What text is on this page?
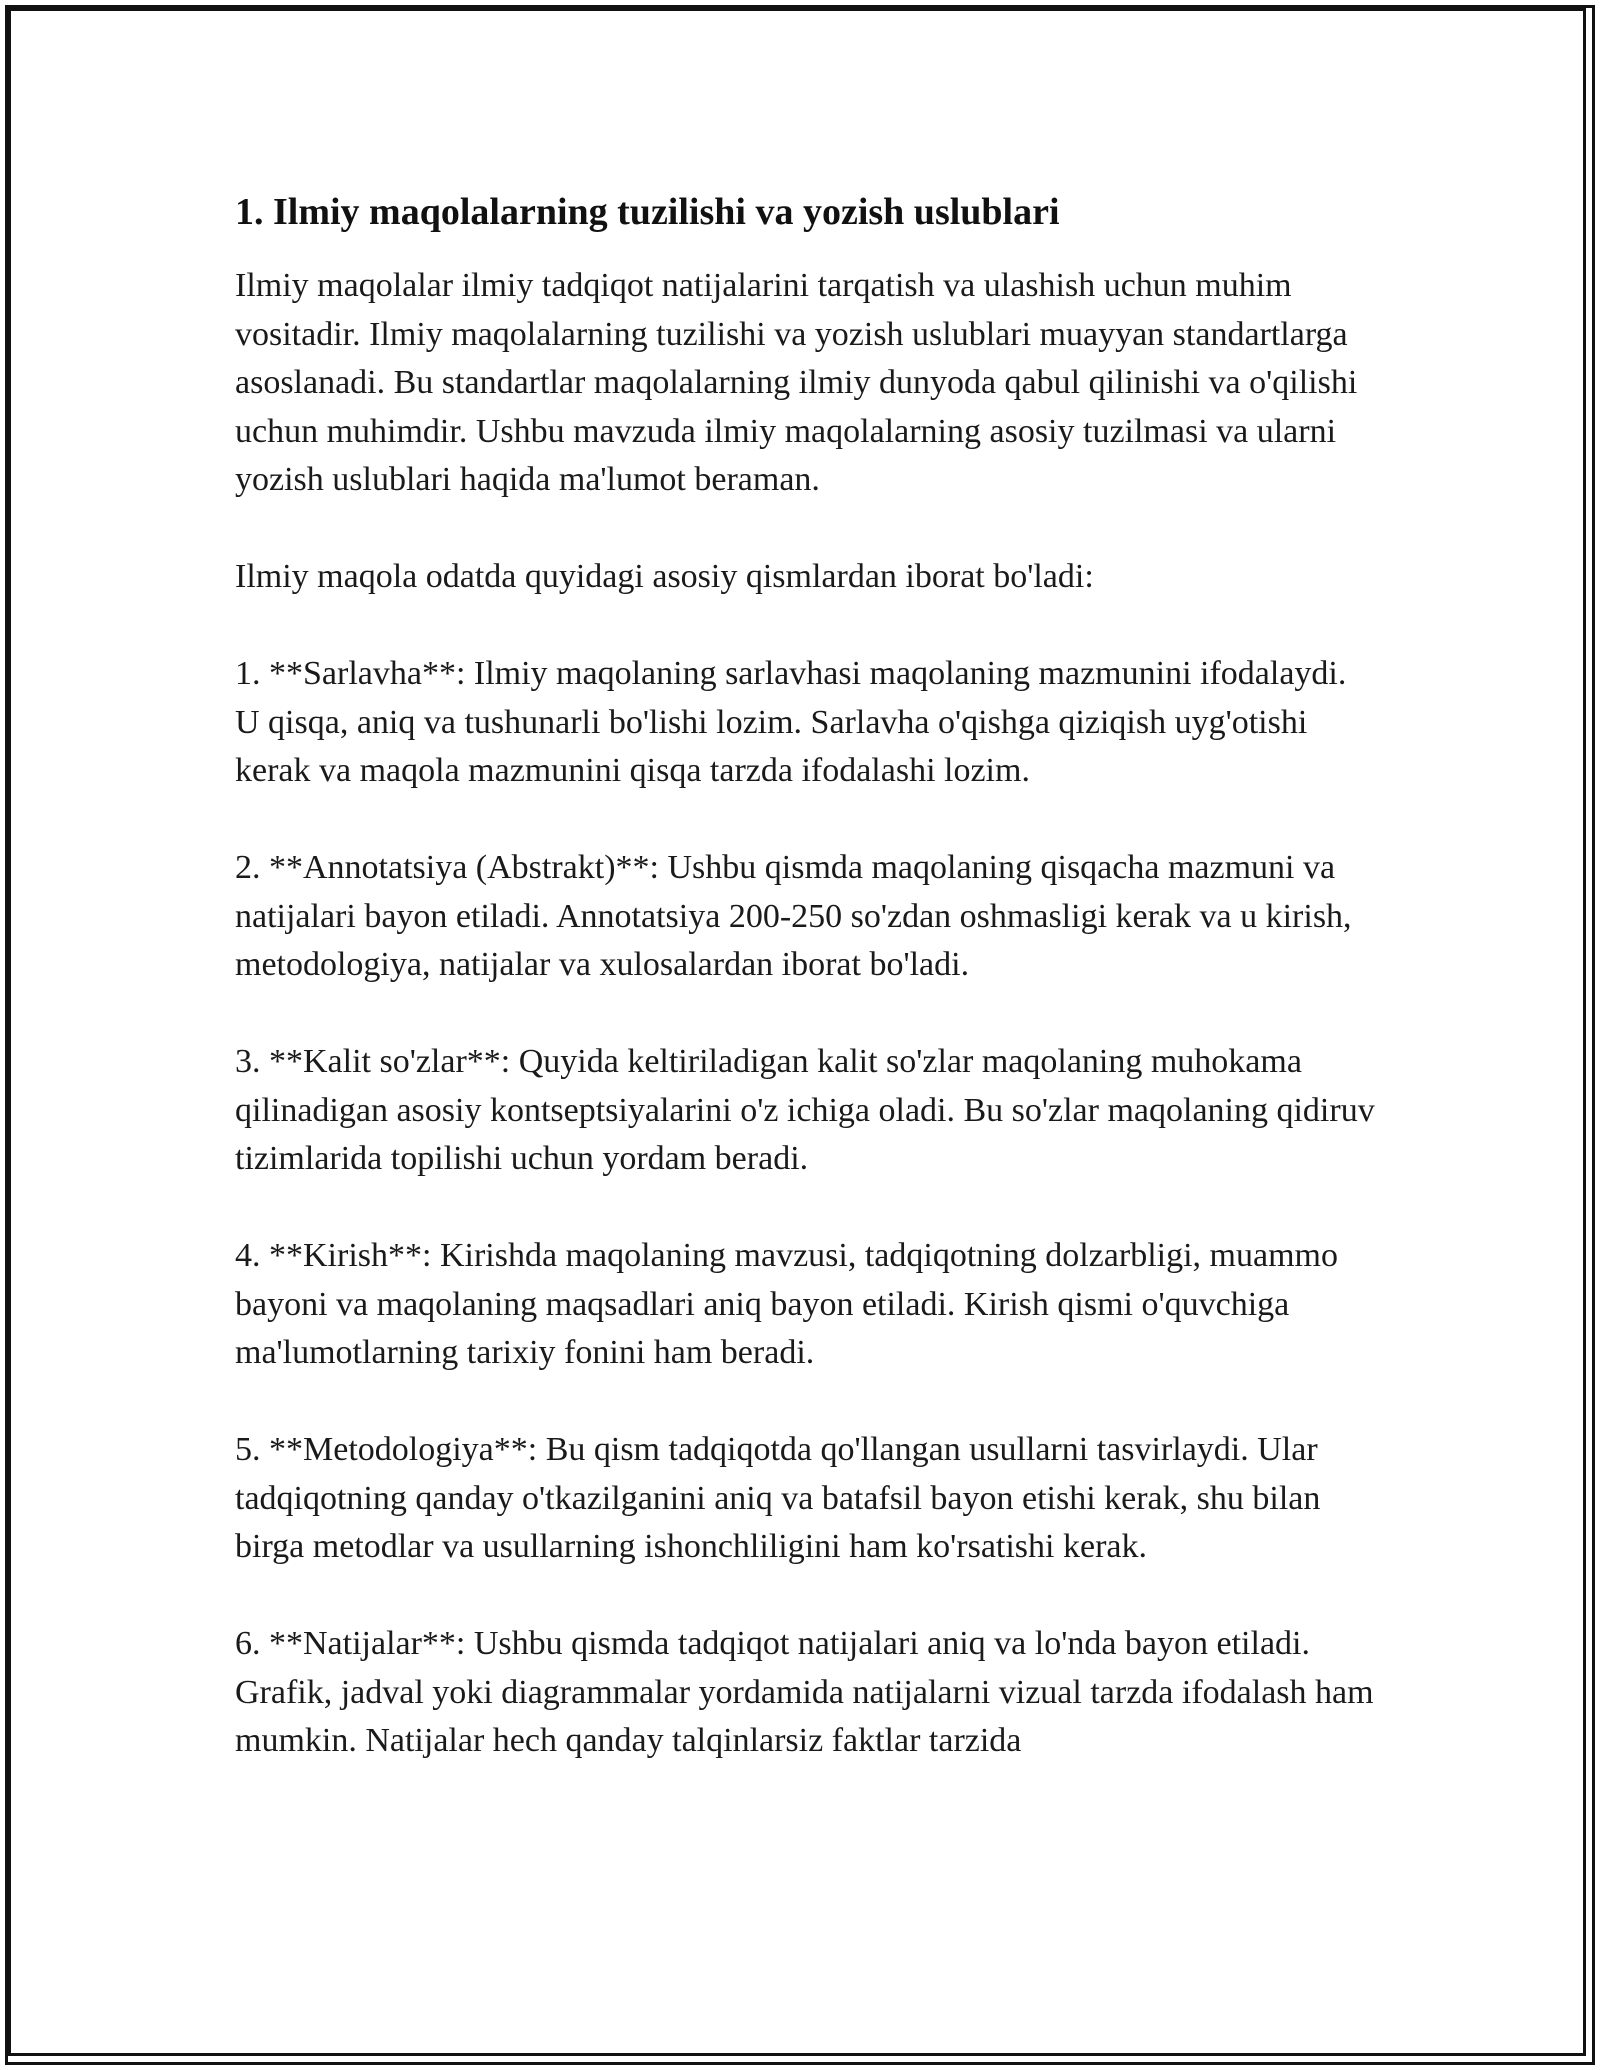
1. Ilmiy maqolalarning tuzilishi va yozish uslublari

Ilmiy maqolalar ilmiy tadqiqot natijalarini tarqatish va ulashish uchun muhim vositadir. Ilmiy maqolalarning tuzilishi va yozish uslublari muayyan standartlarga asoslanadi. Bu standartlar maqolalarning ilmiy dunyoda qabul qilinishi va o'qilishi uchun muhimdir. Ushbu mavzuda ilmiy maqolalarning asosiy tuzilmasi va ularni yozish uslublari haqida ma'lumot beraman.

Ilmiy maqola odatda quyidagi asosiy qismlardan iborat bo'ladi:

1. **Sarlavha**: Ilmiy maqolaning sarlavhasi maqolaning mazmunini ifodalaydi. U qisqa, aniq va tushunarli bo'lishi lozim. Sarlavha o'qishga qiziqish uyg'otishi kerak va maqola mazmunini qisqa tarzda ifodalashi lozim.

2. **Annotatsiya (Abstrakt)**: Ushbu qismda maqolaning qisqacha mazmuni va natijalari bayon etiladi. Annotatsiya 200-250 so'zdan oshmasligi kerak va u kirish, metodologiya, natijalar va xulosalardan iborat bo'ladi.

3. **Kalit so'zlar**: Quyida keltiriladigan kalit so'zlar maqolaning muhokama qilinadigan asosiy kontseptsiyalarini o'z ichiga oladi. Bu so'zlar maqolaning qidiruv tizimlarida topilishi uchun yordam beradi.

4. **Kirish**: Kirishda maqolaning mavzusi, tadqiqotning dolzarbligi, muammo bayoni va maqolaning maqsadlari aniq bayon etiladi. Kirish qismi o'quvchiga ma'lumotlarning tarixiy fonini ham beradi.

5. **Metodologiya**: Bu qism tadqiqotda qo'llangan usullarni tasvirlaydi. Ular tadqiqotning qanday o'tkazilganini aniq va batafsil bayon etishi kerak, shu bilan birga metodlar va usullarning ishonchliligini ham ko'rsatishi kerak.

6. **Natijalar**: Ushbu qismda tadqiqot natijalari aniq va lo'nda bayon etiladi. Grafik, jadval yoki diagrammalar yordamida natijalarni vizual tarzda ifodalash ham mumkin. Natijalar hech qanday talqinlarsiz faktlar tarzida
